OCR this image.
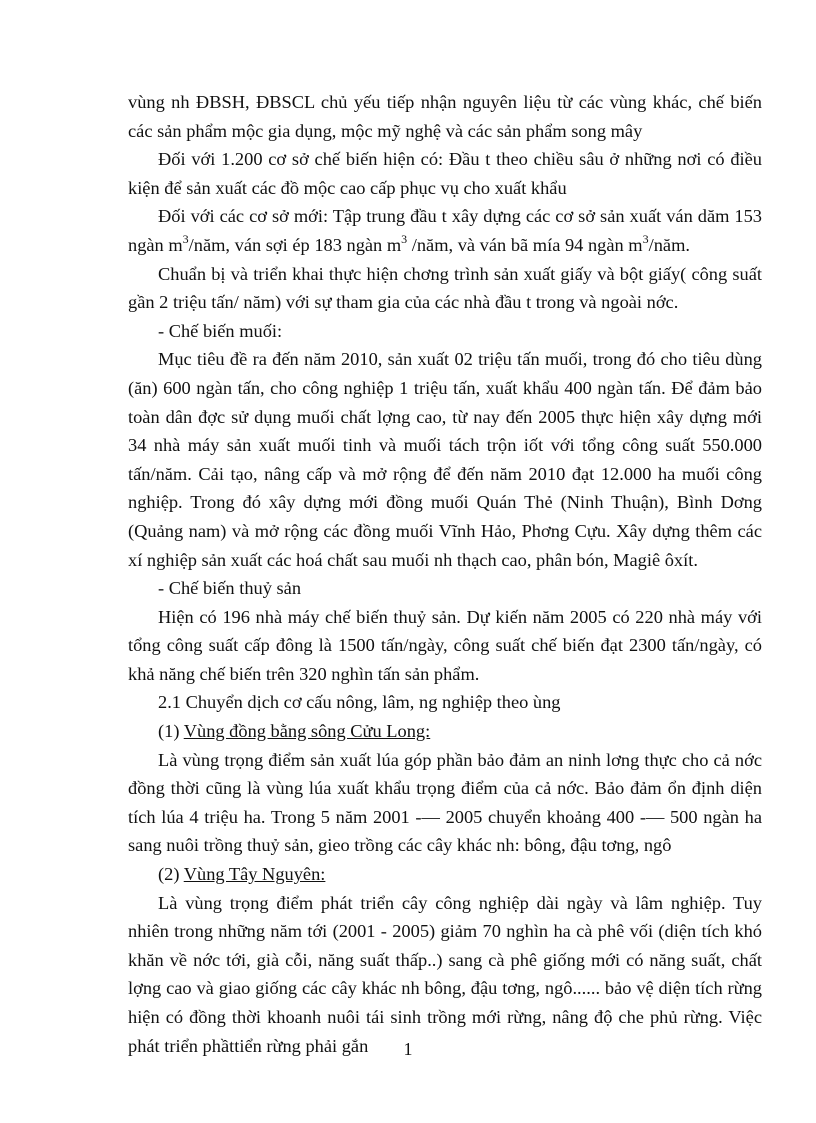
vùng nh ĐBSH, ĐBSCL chủ yếu tiếp nhận nguyên liệu từ các vùng khác, chế biến các sản phẩm mộc gia dụng, mộc mỹ nghệ và các sản phẩm song mây

Đối với 1.200 cơ sở chế biến hiện có: Đầu t theo chiều sâu ở những nơi có điều kiện để sản xuất các đồ mộc cao cấp phục vụ cho xuất khẩu

Đối với các cơ sở mới: Tập trung đầu t xây dựng các cơ sở sản xuất ván dăm 153 ngàn $m^3$/năm, ván sợi ép 183 ngàn $m^3$ /năm, và ván bã mía 94 ngàn $m^3$/năm.

Chuẩn bị và triển khai thực hiện chơng trình sản xuất giấy và bột giấy( công suất gần 2 triệu tấn/ năm) với sự tham gia của các nhà đầu t trong và ngoài nớc.

- Chế biến muối:

Mục tiêu đề ra đến năm 2010, sản xuất 02 triệu tấn muối, trong đó cho tiêu dùng (ăn) 600 ngàn tấn, cho công nghiệp 1 triệu tấn, xuất khẩu 400 ngàn tấn. Để đảm bảo toàn dân đợc sử dụng muối chất lợng cao, từ nay đến 2005 thực hiện xây dựng mới 34 nhà máy sản xuất muối tinh và muối tách trộn iốt với tổng công suất 550.000 tấn/năm. Cải tạo, nâng cấp và mở rộng để đến năm 2010 đạt 12.000 ha muối công nghiệp. Trong đó xây dựng mới đồng muối Quán Thẻ (Ninh Thuận), Bình Dơng (Quảng nam) và mở rộng các đồng muối Vĩnh Hảo, Phơng Cựu. Xây dựng thêm các xí nghiệp sản xuất các hoá chất sau muối nh thạch cao, phân bón, Magiê ôxít.

- Chế biến thuỷ sản

Hiện có 196 nhà máy chế biến thuỷ sản. Dự kiến năm 2005 có 220 nhà máy với tổng công suất cấp đông là 1500 tấn/ngày, công suất chế biến đạt 2300 tấn/ngày, có khả năng chế biến trên 320 nghìn tấn sản phẩm.

2.1 Chuyển dịch cơ cấu nông, lâm, ng nghiệp theo ùng

(1) Vùng đồng bằng sông Cửu Long:

Là vùng trọng điểm sản xuất lúa góp phần bảo đảm an ninh lơng thực cho cả nớc đồng thời cũng là vùng lúa xuất khẩu trọng điểm của cả nớc. Bảo đảm ổn định diện tích lúa 4 triệu ha. Trong 5 năm 2001 -— 2005 chuyển khoảng 400 -— 500 ngàn ha sang nuôi trồng thuỷ sản, gieo trồng các cây khác nh: bông, đậu tơng, ngô

(2) Vùng Tây Nguyên:

Là vùng trọng điểm phát triển cây công nghiệp dài ngày và lâm nghiệp. Tuy nhiên trong những năm tới (2001 - 2005) giảm 70 nghìn ha cà phê vối (diện tích khó khăn về nớc tới, già cỗi, năng suất thấp..) sang cà phê giống mới có năng suất, chất lợng cao và giao giống các cây khác nh bông, đậu tơng, ngô...... bảo vệ diện tích rừng hiện có đồng thời khoanh nuôi tái sinh trồng mới rừng, nâng độ che phủ rừng. Việc phát triển phầttiển rừng phải gắn	1
